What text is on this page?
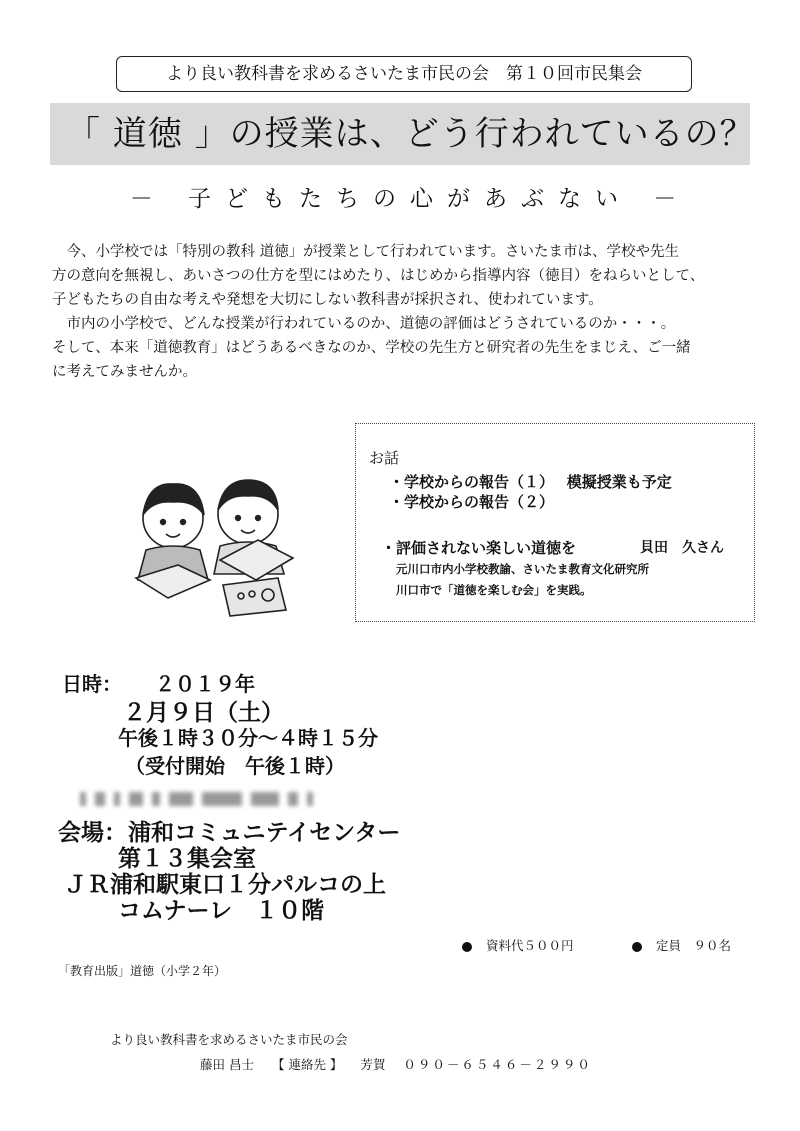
より良い教科書を求めるさいたま市民の会　第１０回市民集会
「 道徳 」の授業は、どう行われているの？
－ 子どもたちの心があぶない －

今、小学校では「特別の教科 道徳」が授業として行われています。さいたま市は、学校や先生

方の意向を無視し、あいさつの仕方を型にはめたり、はじめから指導内容（徳目）をねらいとして、

子どもたちの自由な考えや発想を大切にしない教科書が採択され、使われています。

市内の小学校で、どんな授業が行われているのか、道徳の評価はどうされているのか・・・。

そして、本来「道徳教育」はどうあるべきなのか、学校の先生方と研究者の先生をまじえ、ご一緒

に考えてみませんか。

お話
・学校からの報告（１）　 模擬授業も予定
・学校からの報告（２）
・評価されない楽しい道徳を	貝田　久さん
元川口市内小学校教諭、さいたま教育文化研究所
川口市で「道徳を楽しむ会」を実践。
日時： ２０１９年
２月９日（土）
午後１時３０分～４時１５分
（受付開始　午後１時）
会場： 浦和コミュニテイセンター
第１３集会室
ＪＲ浦和駅東口１分パルコの上
コムナーレ　１０階
資料代５００円	定員　９０名
「教育出版」道徳（小学２年）
より良い教科書を求めるさいたま市民の会
藤田 昌士 【 連絡先 】 芳賀 ０９０－６５４６－２９９０
